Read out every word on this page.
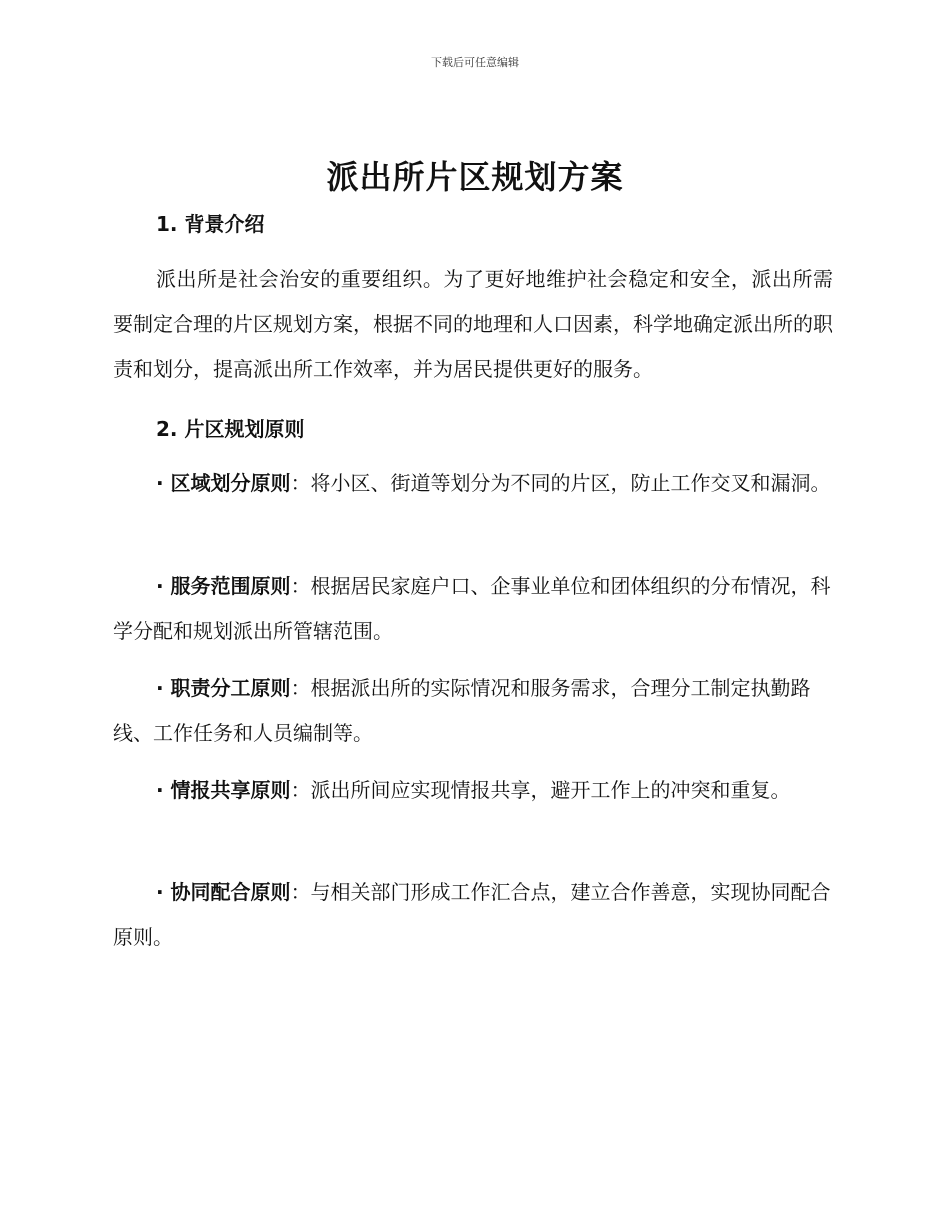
下载后可任意编辑
派出所片区规划方案
1. 背景介绍

派出所是社会治安的重要组织。为了更好地维护社会稳定和安全，派出所需要制定合理的片区规划方案，根据不同的地理和人口因素，科学地确定派出所的职责和划分，提高派出所工作效率，并为居民提供更好的服务。

2. 片区规划原则

· 区域划分原则：将小区、街道等划分为不同的片区，防止工作交叉和漏洞。

· 服务范围原则：根据居民家庭户口、企事业单位和团体组织的分布情况，科学分配和规划派出所管辖范围。

· 职责分工原则：根据派出所的实际情况和服务需求，合理分工制定执勤路线、工作任务和人员编制等。

· 情报共享原则：派出所间应实现情报共享，避开工作上的冲突和重复。

· 协同配合原则：与相关部门形成工作汇合点，建立合作善意，实现协同配合原则。
